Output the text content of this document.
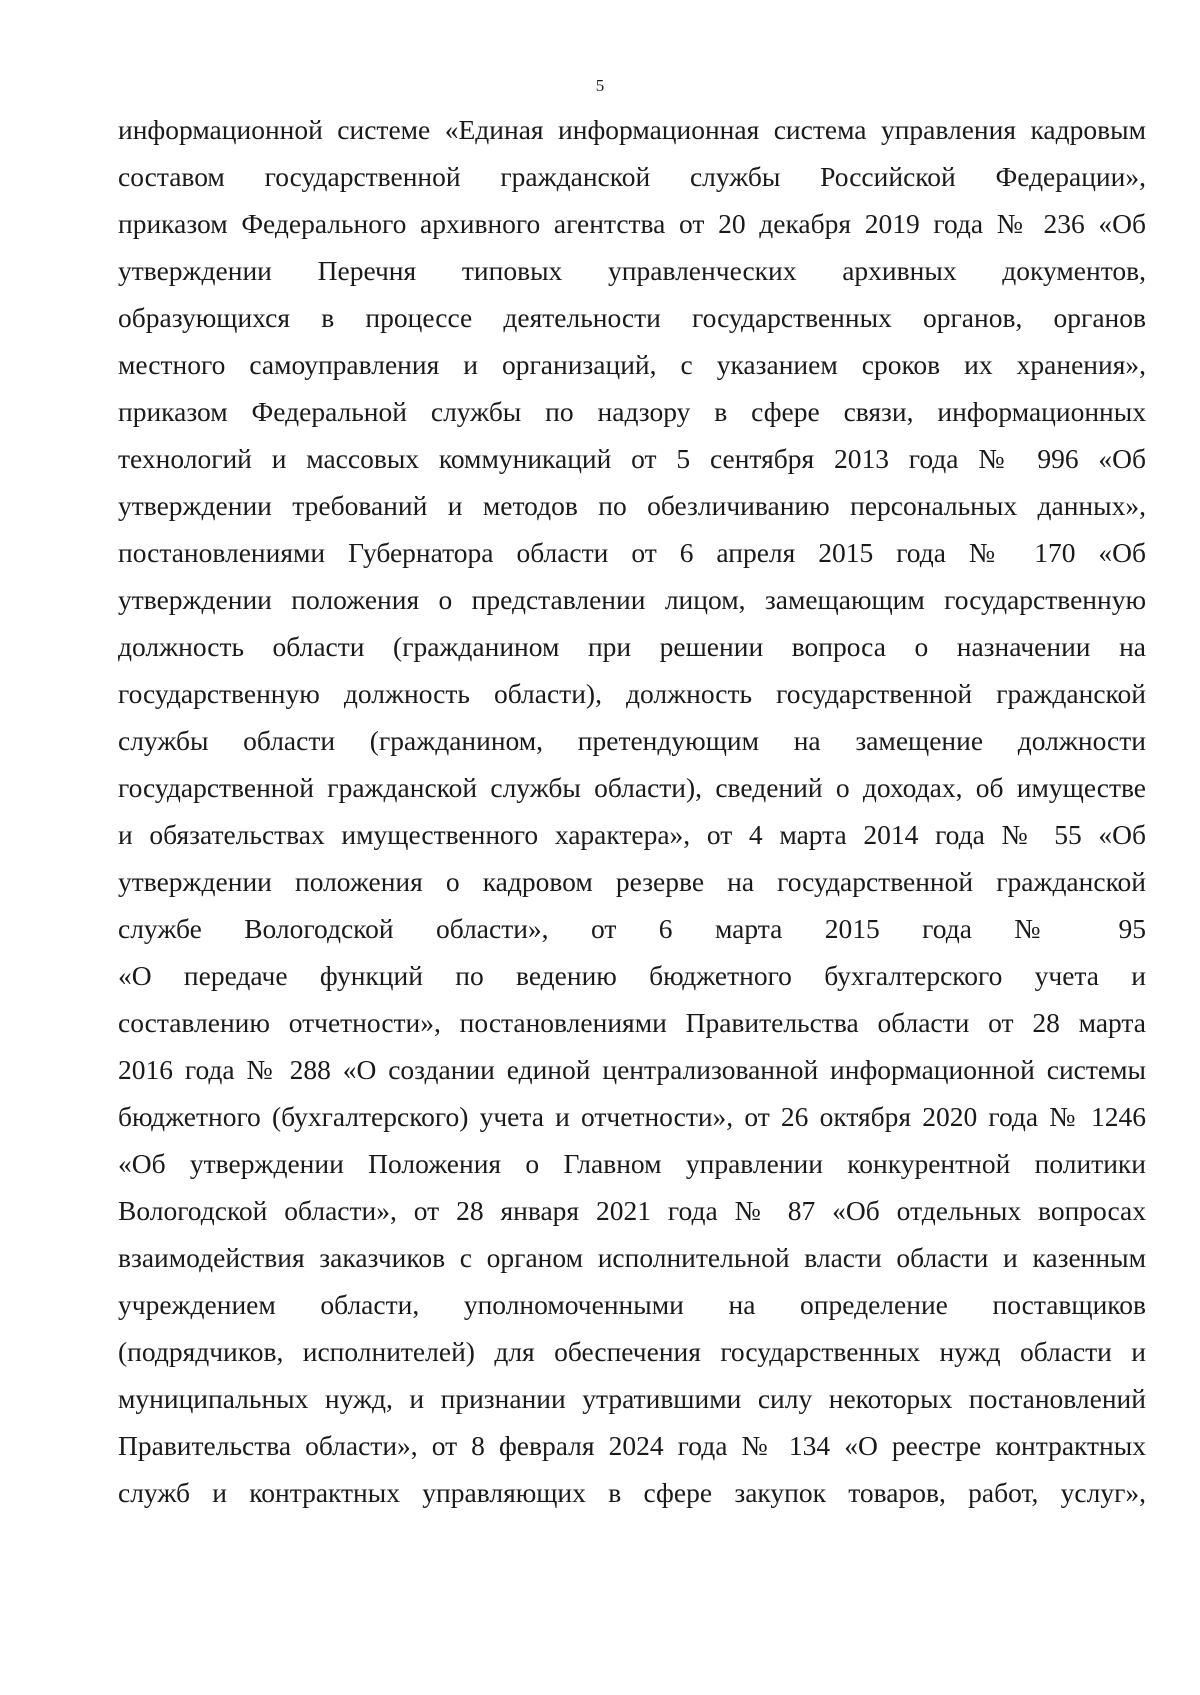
5
информационной системе «Единая информационная система управления кадровым
составом государственной гражданской службы Российской Федерации»,
приказом Федерального архивного агентства от 20 декабря 2019 года № 236 «Об
утверждении Перечня типовых управленческих архивных документов,
образующихся в процессе деятельности государственных органов, органов
местного самоуправления и организаций, с указанием сроков их хранения»,
приказом Федеральной службы по надзору в сфере связи, информационных
технологий и массовых коммуникаций от 5 сентября 2013 года № 996 «Об
утверждении требований и методов по обезличиванию персональных данных»,
постановлениями Губернатора области от 6 апреля 2015 года № 170 «Об
утверждении положения о представлении лицом, замещающим государственную
должность области (гражданином при решении вопроса о назначении на
государственную должность области), должность государственной гражданской
службы области (гражданином, претендующим на замещение должности
государственной гражданской службы области), сведений о доходах, об имуществе
и обязательствах имущественного характера», от 4 марта 2014 года № 55 «Об
утверждении положения о кадровом резерве на государственной гражданской
службе Вологодской области», от 6 марта 2015 года № 95
«О передаче функций по ведению бюджетного бухгалтерского учета и
составлению отчетности», постановлениями Правительства области от 28 марта
2016 года № 288 «О создании единой централизованной информационной системы
бюджетного (бухгалтерского) учета и отчетности», от 26 октября 2020 года № 1246
«Об утверждении Положения о Главном управлении конкурентной политики
Вологодской области», от 28 января 2021 года № 87 «Об отдельных вопросах
взаимодействия заказчиков с органом исполнительной власти области и казенным
учреждением области, уполномоченными на определение поставщиков
(подрядчиков, исполнителей) для обеспечения государственных нужд области и
муниципальных нужд, и признании утратившими силу некоторых постановлений
Правительства области», от 8 февраля 2024 года № 134 «О реестре контрактных
служб и контрактных управляющих в сфере закупок товаров, работ, услуг»,
